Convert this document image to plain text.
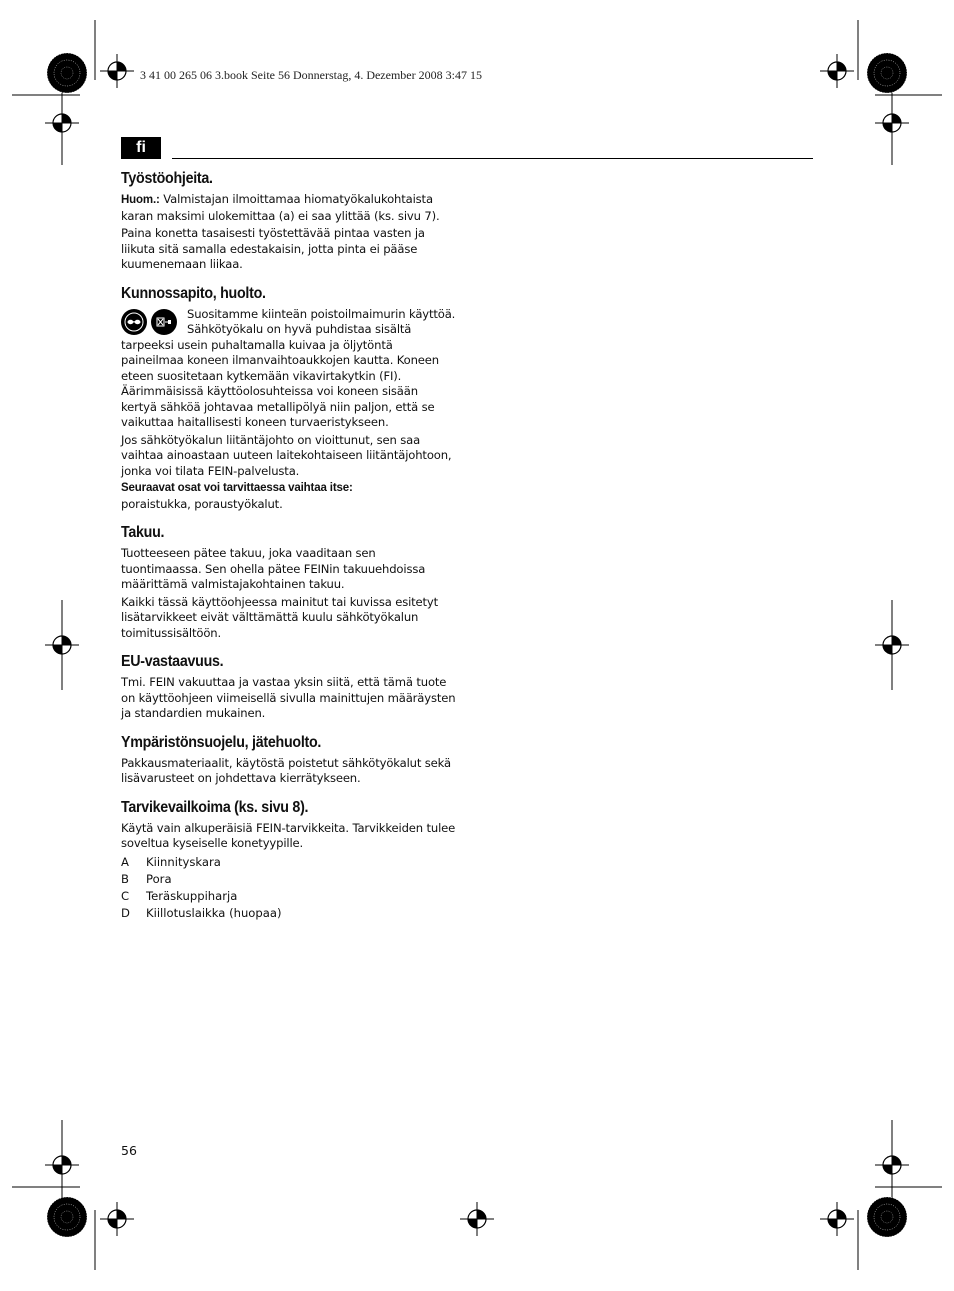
3 41 00 265 06 3.book Seite 56 Donnerstag, 4. Dezember 2008 3:47 15
fi
Työstöohjeita.

Huom.: Valmistajan ilmoittamaa hiomatyökalukohtaista karan maksimi ulokemittaa (a) ei saa ylittää (ks. sivu 7).

Paina konetta tasaisesti työstettävää pintaa vasten ja liikuta sitä samalla edestakaisin, jotta pinta ei pääse kuumenemaan liikaa.

Kunnossapito, huolto.

Suositamme kiinteän poistoilmaimurin käyttöä. Sähkötyökalu on hyvä puhdistaa sisältä tarpeeksi usein puhaltamalla kuivaa ja öljytöntä paineilmaa koneen ilmanvaihtoaukkojen kautta. Koneen eteen suositetaan kytkemään vikavirtakytkin (FI). Äärimmäisissä käyttöolosuhteissa voi koneen sisään kertyä sähköä johtavaa metallipölyä niin paljon, että se vaikuttaa haitallisesti koneen turvaeristykseen.

Jos sähkötyökalun liitäntäjohto on vioittunut, sen saa vaihtaa ainoastaan uuteen laitekohtaiseen liitäntäjohtoon, jonka voi tilata FEIN-palvelusta.

Seuraavat osat voi tarvittaessa vaihtaa itse:

poraistukka, poraustyökalut.

Takuu.

Tuotteeseen pätee takuu, joka vaaditaan sen tuontimaassa. Sen ohella pätee FEINin takuuehdoissa määrittämä valmistajakohtainen takuu.

Kaikki tässä käyttöohjeessa mainitut tai kuvissa esitetyt lisätarvikkeet eivät välttämättä kuulu sähkötyökalun toimitussisältöön.

EU-vastaavuus.

Tmi. FEIN vakuuttaa ja vastaa yksin siitä, että tämä tuote on käyttöohjeen viimeisellä sivulla mainittujen määräysten ja standardien mukainen.

Ympäristönsuojelu, jätehuolto.

Pakkausmateriaalit, käytöstä poistetut sähkötyökalut sekä lisävarusteet on johdettava kierrätykseen.

Tarvikevailkoima (ks. sivu 8).

Käytä vain alkuperäisiä FEIN-tarvikkeita. Tarvikkeiden tulee soveltua kyseiselle konetyypille.

A	Kiinnityskara
B	Pora
C	Teräskuppiharja
D	Kiillotuslaikka (huopaa)
56
